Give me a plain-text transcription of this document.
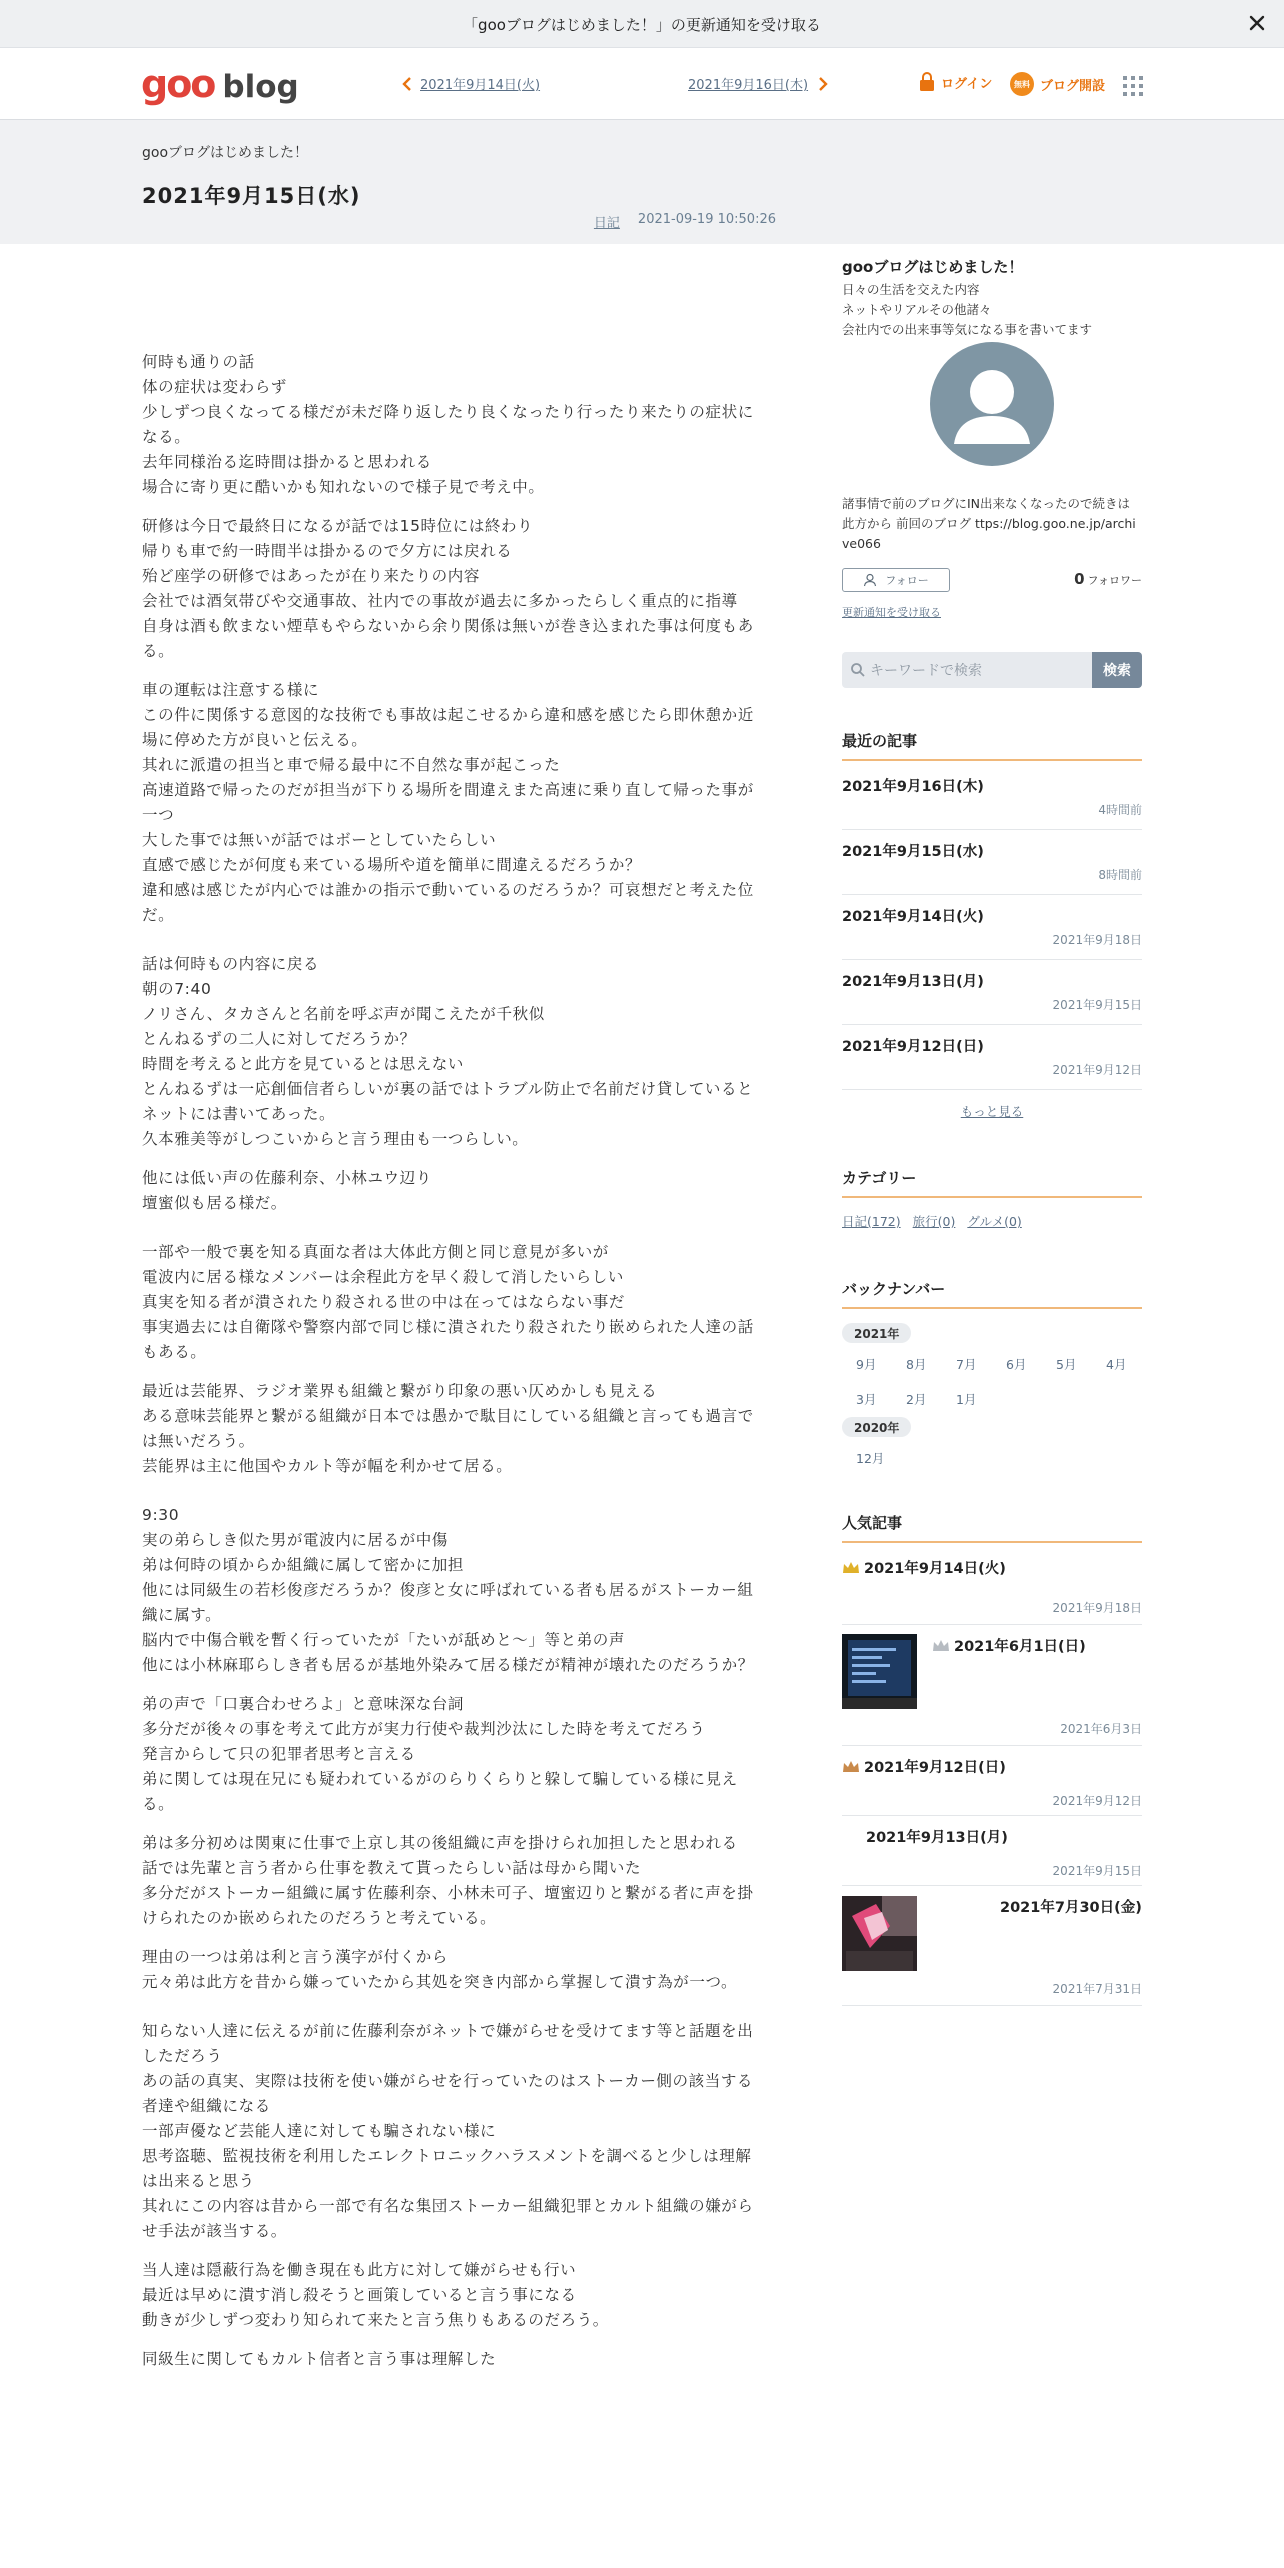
「gooブログはじめました！」の更新通知を受け取る
goo blog	2021年9月14日(火)	2021年9月16日(木)	ログイン	無料 ブログ開設
gooブログはじめました！
2021年9月15日(水)
日記 2021-09-19 10:50:26

何時も通りの話
体の症状は変わらず
少しずつ良くなってる様だが未だ降り返したり良くなったり行ったり来たりの症状になる。
去年同様治る迄時間は掛かると思われる
場合に寄り更に酷いかも知れないので様子見で考え中。

研修は今日で最終日になるが話では15時位には終わり
帰りも車で約一時間半は掛かるので夕方には戻れる
殆ど座学の研修ではあったが在り来たりの内容
会社では酒気帯びや交通事故、社内での事故が過去に多かったらしく重点的に指導
自身は酒も飲まない煙草もやらないから余り関係は無いが巻き込まれた事は何度もある。

車の運転は注意する様に
この件に関係する意図的な技術でも事故は起こせるから違和感を感じたら即休憩か近場に停めた方が良いと伝える。
其れに派遣の担当と車で帰る最中に不自然な事が起こった
高速道路で帰ったのだが担当が下りる場所を間違えまた高速に乗り直して帰った事が一つ
大した事では無いが話ではボーとしていたらしい
直感で感じたが何度も来ている場所や道を簡単に間違えるだろうか？
違和感は感じたが内心では誰かの指示で動いているのだろうか？可哀想だと考えた位だ。

話は何時もの内容に戻る
朝の7:40
ノリさん、タカさんと名前を呼ぶ声が聞こえたが千秋似
とんねるずの二人に対してだろうか？
時間を考えると此方を見ているとは思えない
とんねるずは一応創価信者らしいが裏の話ではトラブル防止で名前だけ貸しているとネットには書いてあった。
久本雅美等がしつこいからと言う理由も一つらしい。

他には低い声の佐藤利奈、小林ユウ辺り
壇蜜似も居る様だ。

一部や一般で裏を知る真面な者は大体此方側と同じ意見が多いが
電波内に居る様なメンバーは余程此方を早く殺して消したいらしい
真実を知る者が潰されたり殺される世の中は在ってはならない事だ
事実過去には自衛隊や警察内部で同じ様に潰されたり殺されたり嵌められた人達の話もある。

最近は芸能界、ラジオ業界も組織と繋がり印象の悪い仄めかしも見える
ある意味芸能界と繋がる組織が日本では愚かで駄目にしている組織と言っても過言では無いだろう。
芸能界は主に他国やカルト等が幅を利かせて居る。

9:30
実の弟らしき似た男が電波内に居るが中傷
弟は何時の頃からか組織に属して密かに加担
他には同級生の若杉俊彦だろうか？俊彦と女に呼ばれている者も居るがストーカー組織に属す。
脳内で中傷合戦を暫く行っていたが「たいが舐めと～」等と弟の声
他には小林麻耶らしき者も居るが基地外染みて居る様だが精神が壊れたのだろうか？

弟の声で「口裏合わせろよ」と意味深な台詞
多分だが後々の事を考えて此方が実力行使や裁判沙汰にした時を考えてだろう
発言からして只の犯罪者思考と言える
弟に関しては現在兄にも疑われているがのらりくらりと躱して騙している様に見える。

弟は多分初めは関東に仕事で上京し其の後組織に声を掛けられ加担したと思われる
話では先輩と言う者から仕事を教えて貰ったらしい話は母から聞いた
多分だがストーカー組織に属す佐藤利奈、小林未可子、壇蜜辺りと繋がる者に声を掛けられたのか嵌められたのだろうと考えている。

理由の一つは弟は利と言う漢字が付くから
元々弟は此方を昔から嫌っていたから其処を突き内部から掌握して潰す為が一つ。

知らない人達に伝えるが前に佐藤利奈がネットで嫌がらせを受けてます等と話題を出しただろう
あの話の真実、実際は技術を使い嫌がらせを行っていたのはストーカー側の該当する者達や組織になる
一部声優など芸能人達に対しても騙されない様に
思考盗聴、監視技術を利用したエレクトロニックハラスメントを調べると少しは理解は出来ると思う
其れにこの内容は昔から一部で有名な集団ストーカー組織犯罪とカルト組織の嫌がらせ手法が該当する。

当人達は隠蔽行為を働き現在も此方に対して嫌がらせも行い
最近は早めに潰す消し殺そうと画策していると言う事になる
動きが少しずつ変わり知られて来たと言う焦りもあるのだろう。

同級生に関してもカルト信者と言う事は理解した

gooブログはじめました！
日々の生活を交えた内容
ネットやリアルその他諸々
会社内での出来事等気になる事を書いてます
諸事情で前のブログにIN出来なくなったので続きは此方から 前回のブログ ttps://blog.goo.ne.jp/archive066
フォロー	0 フォロワー
更新通知を受け取る
キーワードで検索
検索
最近の記事
2021年9月16日(木)
4時間前
2021年9月15日(水)
8時間前
2021年9月14日(火)
2021年9月18日
2021年9月13日(月)
2021年9月15日
2021年9月12日(日)
2021年9月12日
もっと見る
カテゴリー
日記(172) 旅行(0) グルメ(0)
バックナンバー
2021年
9月	8月	7月	6月	5月	4月
3月	2月	1月
2020年
12月
人気記事
2021年9月14日(火)
2021年9月18日
2021年6月1日(日)
2021年6月3日
2021年9月12日(日)
2021年9月12日
2021年9月13日(月)
2021年9月15日
2021年7月30日(金)
2021年7月31日
